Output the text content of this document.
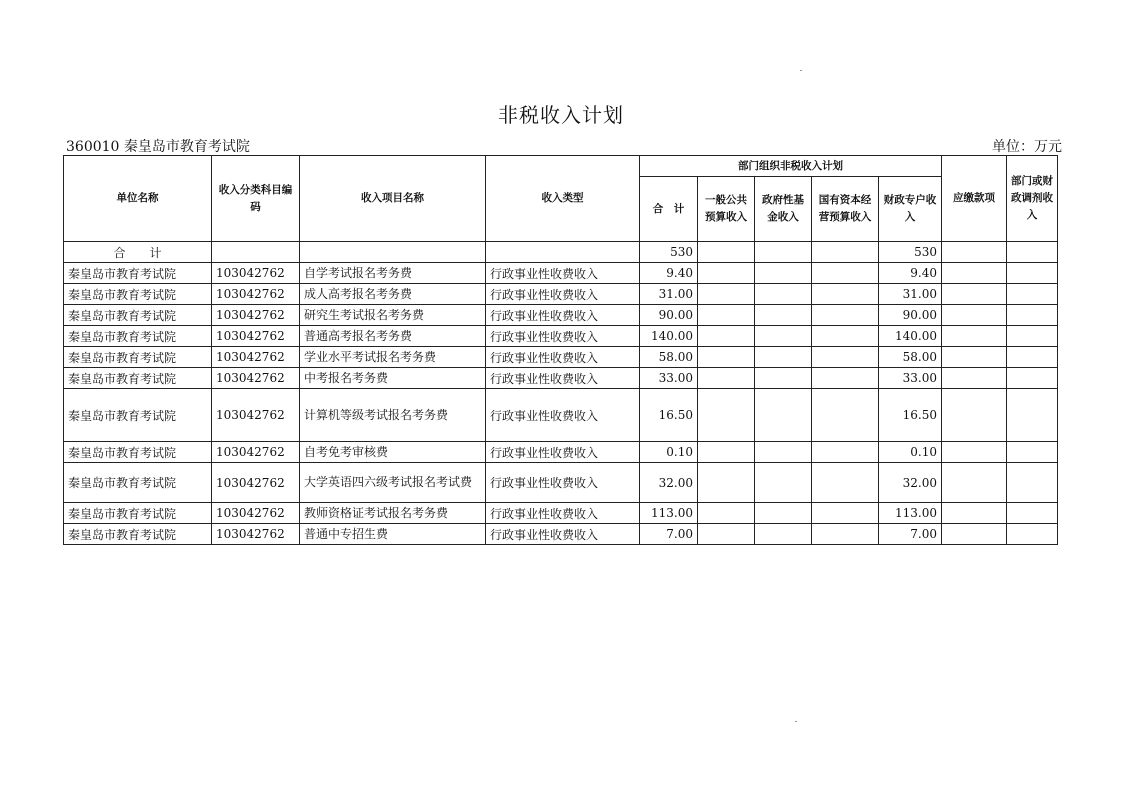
非税收入计划
360010 秦皇岛市教育考试院	单位：万元
单位名称	收入分类科目编码	收入项目名称	收入类型	部门组织非税收入计划					应缴款项	部门或财政调剂收入
				合　计	一般公共预算收入	政府性基金收入	国有资本经营预算收入	财政专户收入		
合　　计				530				530		
秦皇岛市教育考试院	103042762	自学考试报名考务费	行政事业性收费收入	9.40				9.40		
秦皇岛市教育考试院	103042762	成人高考报名考务费	行政事业性收费收入	31.00				31.00		
秦皇岛市教育考试院	103042762	研究生考试报名考务费	行政事业性收费收入	90.00				90.00		
秦皇岛市教育考试院	103042762	普通高考报名考务费	行政事业性收费收入	140.00				140.00		
秦皇岛市教育考试院	103042762	学业水平考试报名考务费	行政事业性收费收入	58.00				58.00		
秦皇岛市教育考试院	103042762	中考报名考务费	行政事业性收费收入	33.00				33.00		
秦皇岛市教育考试院	103042762	计算机等级考试报名考务费	行政事业性收费收入	16.50				16.50		
秦皇岛市教育考试院	103042762	自考免考审核费	行政事业性收费收入	0.10				0.10		
秦皇岛市教育考试院	103042762	大学英语四六级考试报名考试费	行政事业性收费收入	32.00				32.00		
秦皇岛市教育考试院	103042762	教师资格证考试报名考务费	行政事业性收费收入	113.00				113.00		
秦皇岛市教育考试院	103042762	普通中专招生费	行政事业性收费收入	7.00				7.00		
